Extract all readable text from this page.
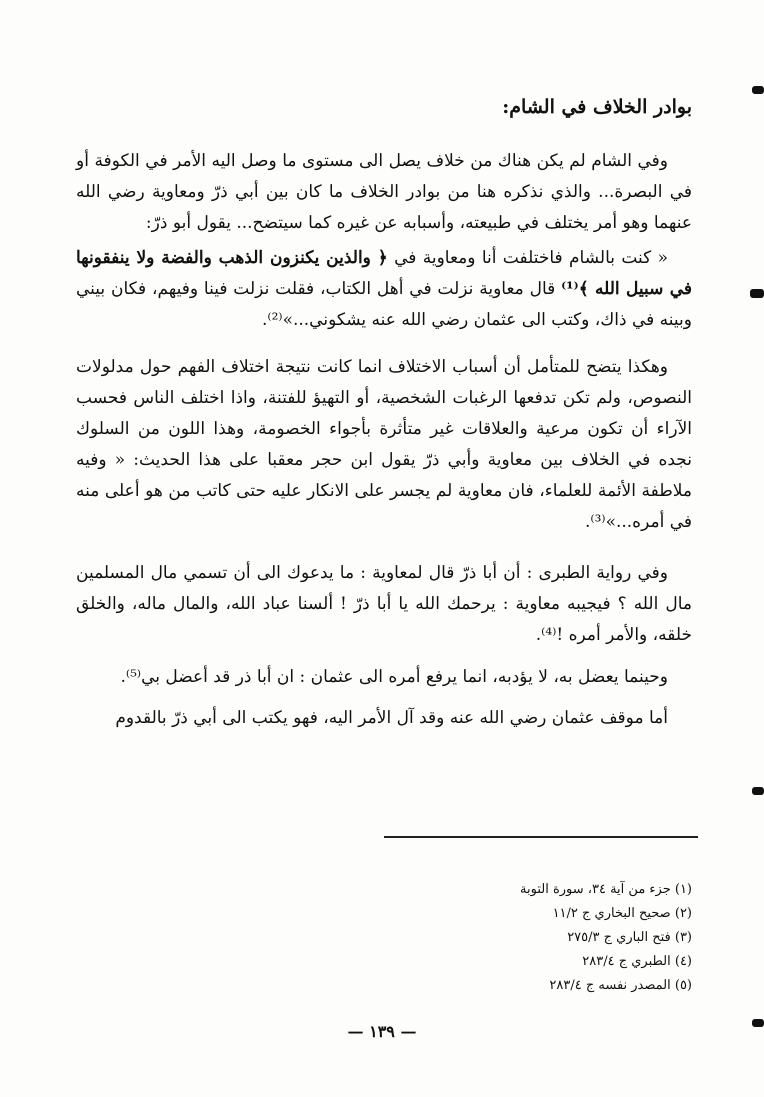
بوادر الخلاف في الشام:

وفي الشام لم يكن هناك من خلاف يصل الى مستوى ما وصل اليه الأمر في الكوفة أو في البصرة... والذي نذكره هنا من بوادر الخلاف ما كان بين أبي ذرّ ومعاوية رضي الله عنهما وهو أمر يختلف في طبيعته، وأسبابه عن غيره كما سيتضح... يقول أبو ذرّ:

« كنت بالشام فاختلفت أنا ومعاوية في ﴿ والذين يكنزون الذهب والفضة ولا ينفقونها في سبيل الله ﴾⁽¹⁾ قال معاوية نزلت في أهل الكتاب، فقلت نزلت فينا وفيهم، فكان بيني وبينه في ذاك، وكتب الى عثمان رضي الله عنه يشكوني...»⁽²⁾.

وهكذا يتضح للمتأمل أن أسباب الاختلاف انما كانت نتيجة اختلاف الفهم حول مدلولات النصوص، ولم تكن تدفعها الرغبات الشخصية، أو التهيؤ للفتنة، واذا اختلف الناس فحسب الآراء أن تكون مرعية والعلاقات غير متأثرة بأجواء الخصومة، وهذا اللون من السلوك نجده في الخلاف بين معاوية وأبي ذرّ يقول ابن حجر معقبا على هذا الحديث: « وفيه ملاطفة الأئمة للعلماء، فان معاوية لم يجسر على الانكار عليه حتى كاتب من هو أعلى منه في أمره...»⁽³⁾.

وفي رواية الطبرى : أن أبا ذرّ قال لمعاوية : ما يدعوك الى أن تسمي مال المسلمين مال الله ؟ فيجيبه معاوية : يرحمك الله يا أبا ذرّ ! ألسنا عباد الله، والمال ماله، والخلق خلقه، والأمر أمره !⁽⁴⁾.

وحينما يعضل به، لا يؤدبه، انما يرفع أمره الى عثمان : ان أبا ذر قد أعضل بي⁽⁵⁾.

أما موقف عثمان رضي الله عنه وقد آل الأمر اليه، فهو يكتب الى أبي ذرّ بالقدوم

(١) جزء من آية ٣٤، سورة التوبة
(٢) صحيح البخاري ج ١١/٢
(٣) فتح الباري ج ٢٧٥/٣
(٤) الطبري ج ٢٨٣/٤
(٥) المصدر نفسه ج ٢٨٣/٤
— ١٣٩ —
